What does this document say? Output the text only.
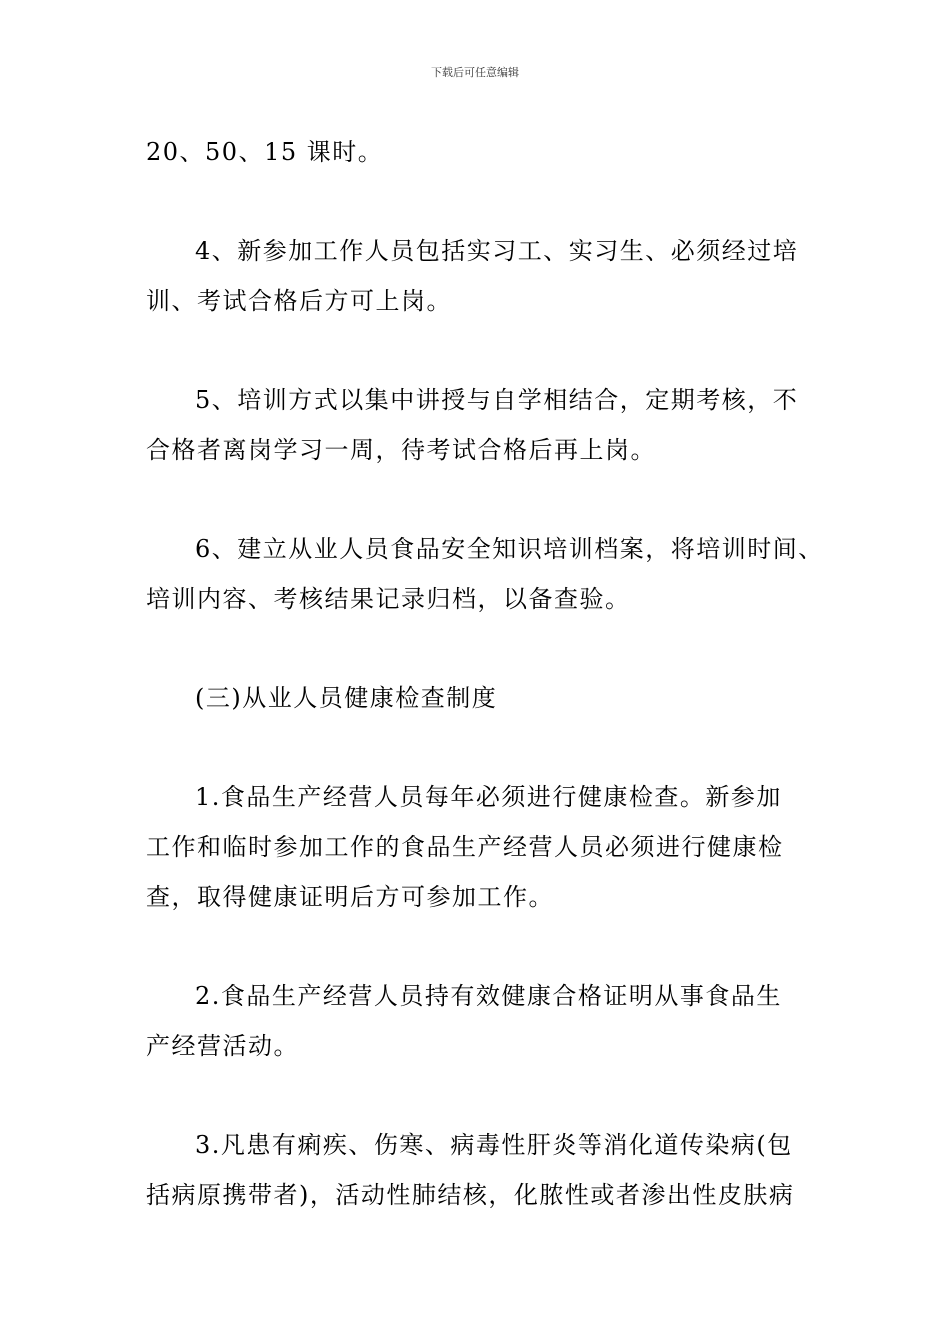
下载后可任意编辑
20、50、15 课时。
4、新参加工作人员包括实习工、实习生、必须经过培
训、考试合格后方可上岗。
5、培训方式以集中讲授与自学相结合，定期考核，不
合格者离岗学习一周，待考试合格后再上岗。
6、建立从业人员食品安全知识培训档案，将培训时间、
培训内容、考核结果记录归档，以备查验。
(三)从业人员健康检查制度
1.食品生产经营人员每年必须进行健康检查。新参加
工作和临时参加工作的食品生产经营人员必须进行健康检
查，取得健康证明后方可参加工作。
2.食品生产经营人员持有效健康合格证明从事食品生
产经营活动。
3.凡患有痢疾、伤寒、病毒性肝炎等消化道传染病(包
括病原携带者)，活动性肺结核，化脓性或者渗出性皮肤病
